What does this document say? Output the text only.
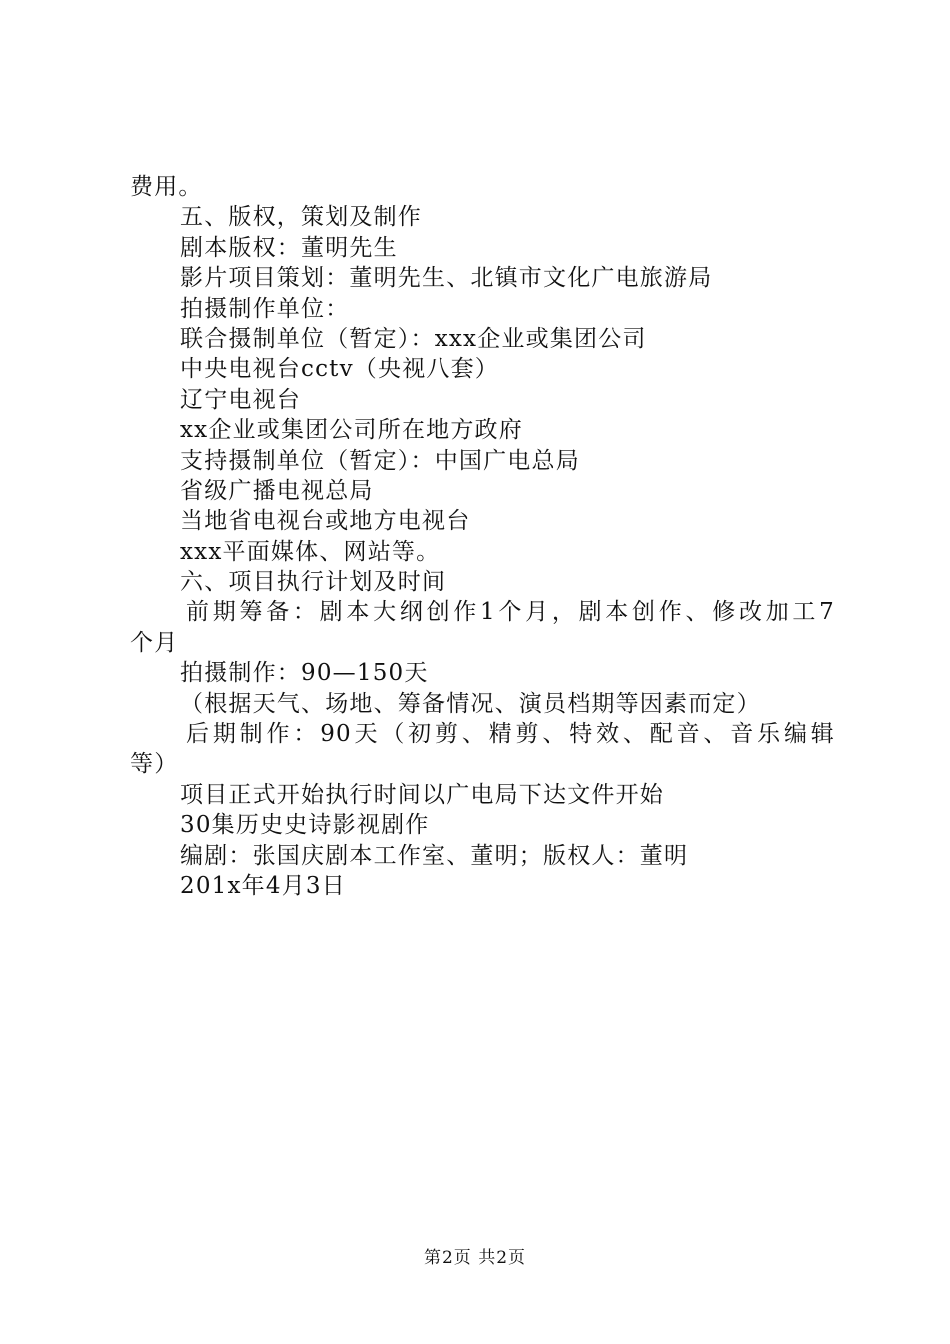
费用。
五、版权，策划及制作
剧本版权：董明先生
影片项目策划：董明先生、北镇市文化广电旅游局
拍摄制作单位：
联合摄制单位（暂定）：xxx企业或集团公司
中央电视台cctv（央视八套）
辽宁电视台
xx企业或集团公司所在地方政府
支持摄制单位（暂定）：中国广电总局
省级广播电视总局
当地省电视台或地方电视台
xxx平面媒体、网站等。
六、项目执行计划及时间
前期筹备：剧本大纲创作1个月，剧本创作、修改加工7
个月
拍摄制作：90—150天
（根据天气、场地、筹备情况、演员档期等因素而定）
后期制作：90天（初剪、精剪、特效、配音、音乐编辑
等）
项目正式开始执行时间以广电局下达文件开始
30集历史史诗影视剧作
编剧：张国庆剧本工作室、董明；版权人：董明
201x年4月3日
第2页 共2页
